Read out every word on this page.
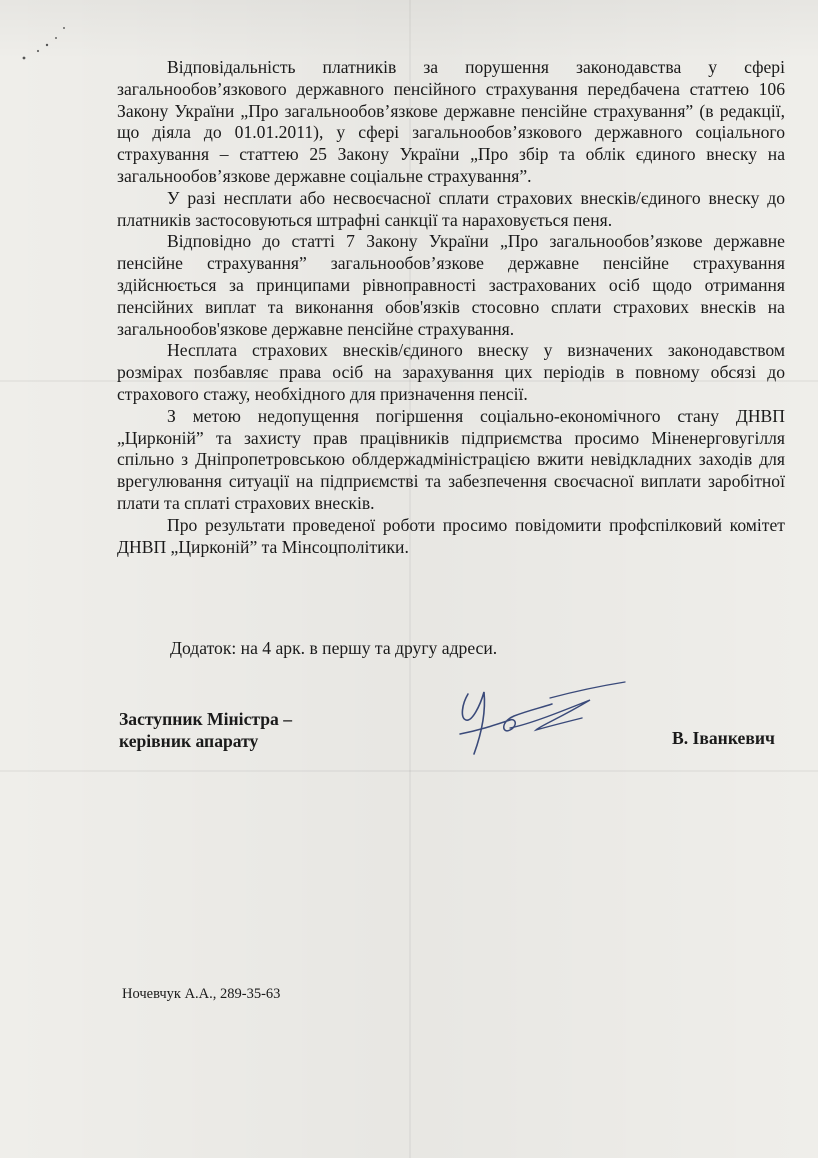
Відповідальність платників за порушення законодавства у сфері загальнообов’язкового державного пенсійного страхування передбачена статтею 106 Закону України „Про загальнообов’язкове державне пенсійне страхування” (в редакції, що діяла до 01.01.2011), у сфері загальнообов’язкового державного соціального страхування – статтею 25 Закону України „Про збір та облік єдиного внеску на загальнообов’язкове державне соціальне страхування”.

У разі несплати або несвоєчасної сплати страхових внесків/єдиного внеску до платників застосовуються штрафні санкції та нараховується пеня.

Відповідно до статті 7 Закону України „Про загальнообов’язкове державне пенсійне страхування” загальнообов’язкове державне пенсійне страхування здійснюється за принципами рівноправності застрахованих осіб щодо отримання пенсійних виплат та виконання обов'язків стосовно сплати страхових внесків на загальнообов'язкове державне пенсійне страхування.

Несплата страхових внесків/єдиного внеску у визначених законодавством розмірах позбавляє права осіб на зарахування цих періодів в повному обсязі до страхового стажу, необхідного для призначення пенсії.

З метою недопущення погіршення соціально-економічного стану ДНВП „Цирконій” та захисту прав працівників підприємства просимо Міненерговугілля спільно з Дніпропетровською облдержадміністрацією вжити невідкладних заходів для врегулювання ситуації на підприємстві та забезпечення своєчасної виплати заробітної плати та сплаті страхових внесків.

Про результати проведеної роботи просимо повідомити профспілковий комітет ДНВП „Цирконій” та Мінсоцполітики.

Додаток: на 4 арк. в першу та другу адреси.
Заступник Міністра –
керівник апарату	В. Іванкевич
Ночевчук А.А., 289-35-63
